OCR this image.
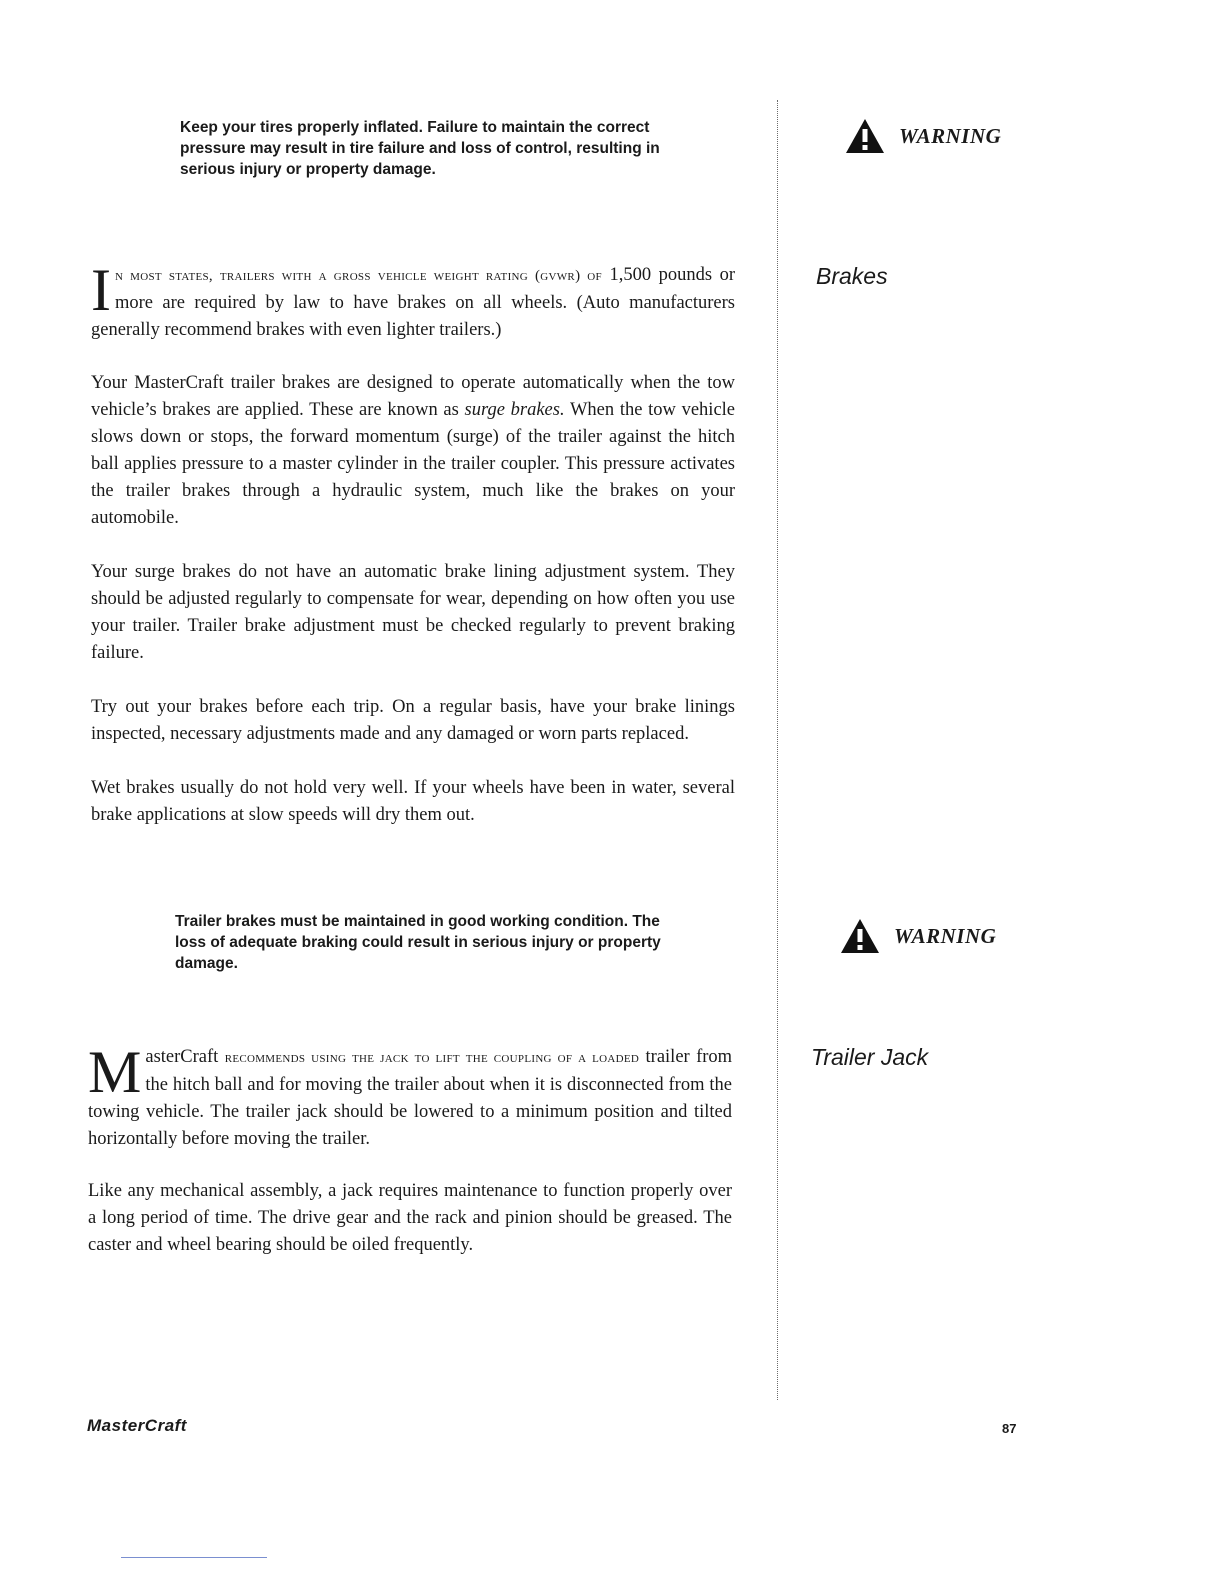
Keep your tires properly inflated. Failure to maintain the correct pressure may result in tire failure and loss of control, resulting in serious injury or property damage.

WARNING
Brakes

In most states, trailers with a gross vehicle weight rating (gvwr) of 1,500 pounds or more are required by law to have brakes on all wheels. (Auto manufacturers generally recommend brakes with even lighter trailers.)

Your MasterCraft trailer brakes are designed to operate automatically when the tow vehicle’s brakes are applied. These are known as surge brakes. When the tow vehicle slows down or stops, the forward momentum (surge) of the trailer against the hitch ball applies pressure to a master cylinder in the trailer coupler. This pressure activates the trailer brakes through a hydraulic system, much like the brakes on your automobile.

Your surge brakes do not have an automatic brake lining adjustment system. They should be adjusted regularly to compensate for wear, depending on how often you use your trailer. Trailer brake adjustment must be checked regularly to prevent braking failure.

Try out your brakes before each trip. On a regular basis, have your brake linings inspected, necessary adjustments made and any damaged or worn parts replaced.

Wet brakes usually do not hold very well. If your wheels have been in water, several brake applications at slow speeds will dry them out.

Trailer brakes must be maintained in good working condition. The loss of adequate braking could result in serious injury or property damage.

WARNING
Trailer Jack

MasterCraft recommends using the jack to lift the coupling of a loaded trailer from the hitch ball and for moving the trailer about when it is disconnected from the towing vehicle. The trailer jack should be lowered to a minimum position and tilted horizontally before moving the trailer.

Like any mechanical assembly, a jack requires maintenance to function properly over a long period of time. The drive gear and the rack and pinion should be greased. The caster and wheel bearing should be oiled frequently.

MasterCraft	87
